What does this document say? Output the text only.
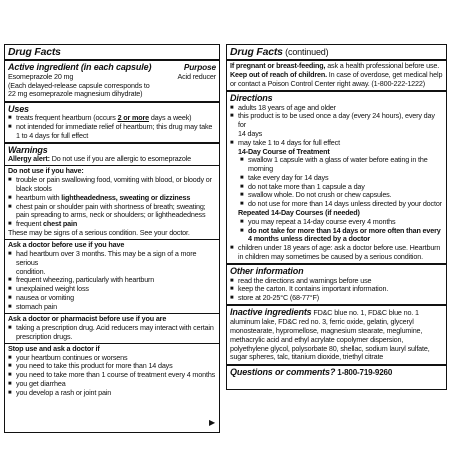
Drug Facts
Active ingredient (in each capsule)	Purpose
Esomeprazole 20 mg	Acid reducer
(Each delayed-release capsule corresponds to
22 mg esomeprazole magnesium dihydrate)
Uses
■ treats frequent heartburn (occurs 2 or more days a week)
■ not intended for immediate relief of heartburn; this drug may take
1 to 4 days for full effect
Warnings
Allergy alert: Do not use if you are allergic to esomeprazole
Do not use if you have:
■ trouble or pain swallowing food, vomiting with blood, or bloody or
black stools
■ heartburn with lightheadedness, sweating or dizziness
■ chest pain or shoulder pain with shortness of breath; sweating;
pain spreading to arms, neck or shoulders; or lightheadedness
■ frequent chest pain
These may be signs of a serious condition. See your doctor.
Ask a doctor before use if you have
■ had heartburn over 3 months. This may be a sign of a more serious
condition.
■ frequent wheezing, particularly with heartburn
■ unexplained weight loss
■ nausea or vomiting
■ stomach pain
Ask a doctor or pharmacist before use if you are
■ taking a prescription drug. Acid reducers may interact with certain
prescription drugs.
Stop use and ask a doctor if
■ your heartburn continues or worsens
■ you need to take this product for more than 14 days
■ you need to take more than 1 course of treatment every 4 months
■ you get diarrhea
■ you develop a rash or joint pain
▶
Drug Facts (continued)
If pregnant or breast-feeding, ask a health professional before use.
Keep out of reach of children. In case of overdose, get medical help
or contact a Poison Control Center right away. (1-800-222-1222)
Directions
■ adults 18 years of age and older
■ this product is to be used once a day (every 24 hours), every day for
14 days
■ may take 1 to 4 days for full effect
14-Day Course of Treatment
■ swallow 1 capsule with a glass of water before eating in the
morning
■ take every day for 14 days
■ do not take more than 1 capsule a day
■ swallow whole. Do not crush or chew capsules.
■ do not use for more than 14 days unless directed by your doctor
Repeated 14-Day Courses (if needed)
■ you may repeat a 14-day course every 4 months
■ do not take for more than 14 days or more often than every
4 months unless directed by a doctor
■ children under 18 years of age: ask a doctor before use. Heartburn
in children may sometimes be caused by a serious condition.
Other information
■ read the directions and warnings before use
■ keep the carton. It contains important information.
■ store at 20-25°C (68-77°F)
Inactive ingredients FD&C blue no. 1, FD&C blue no. 1
aluminum lake, FD&C red no. 3, ferric oxide, gelatin, glyceryl
monostearate, hypromellose, magnesium stearate, meglumine,
methacrylic acid and ethyl acrylate copolymer dispersion,
polyethylene glycol, polysorbate 80, shellac, sodium lauryl sulfate,
sugar spheres, talc, titanium dioxide, triethyl citrate
Questions or comments? 1-800-719-9260
